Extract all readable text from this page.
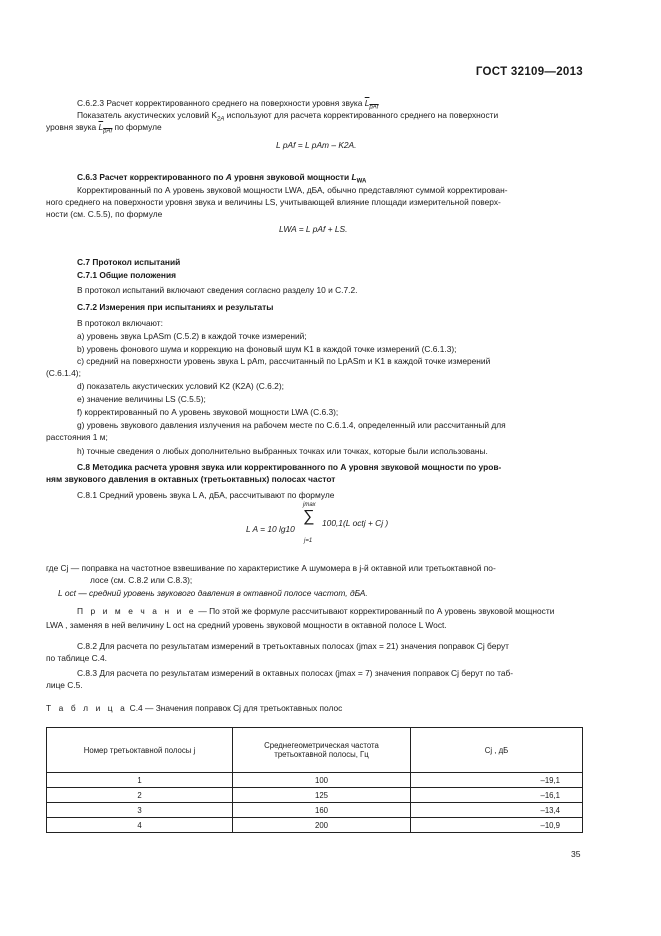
ГОСТ 32109—2013
С.6.2.3 Расчет корректированного среднего на поверхности уровня звука $L_{pAf}$
Показатель акустических условий $K_{2A}$ используют для расчета корректированного среднего на поверхности
уровня звука $L_{pAf}$ по формуле
L pAf = L pAm – K2A.
С.6.3 Расчет корректированного по А уровня звуковой мощности $L_{WA}$
Корректированный по А уровень звуковой мощности LWA, дБА, обычно представляют суммой корректирован-
ного среднего на поверхности уровня звука и величины LS, учитывающей влияние площади измерительной поверх-
ности (см. С.5.5), по формуле
LWA = L pAf + LS.
С.7 Протокол испытаний
С.7.1 Общие положения
В протокол испытаний включают сведения согласно разделу 10 и С.7.2.
С.7.2 Измерения при испытаниях и результаты
В протокол включают:
а) уровень звука LpASm (С.5.2) в каждой точке измерений;
b) уровень фонового шума и коррекцию на фоновый шум K1 в каждой точке измерений (С.6.1.3);
с) средний на поверхности уровень звука L pAm, рассчитанный по LpASm и K1 в каждой точке измерений
(С.6.1.4);
d) показатель акустических условий K2 (K2A) (С.6.2);
е) значение величины LS (С.5.5);
f) корректированный по А уровень звуковой мощности LWA (С.6.3);
g) уровень звукового давления излучения на рабочем месте по С.6.1.4, определенный или рассчитанный для
расстояния 1 м;
h) точные сведения о любых дополнительно выбранных точках или точках, которые были использованы.
С.8 Методика расчета уровня звука или корректированного по А уровня звуковой мощности по уров-
ням звукового давления в октавных (третьоктавных) полосах частот
С.8.1 Средний уровень звука L A, дБА, рассчитывают по формуле
L A = 10 lg10
jmax
∑
j=1
100,1(L octj + Cj )
где Cj — поправка на частотное взвешивание по характеристике А шумомера в j-й октавной или третьоктавной по-
лосе (см. С.8.2 или С.8.3);
L oct — средний уровень звукового давления в октавной полосе частот, дБА.
П р и м е ч а н и е — По этой же формуле рассчитывают корректированный по А уровень звуковой мощности
LWA , заменяя в ней величину L oct на средний уровень звуковой мощности в октавной полосе L Woct.
С.8.2 Для расчета по результатам измерений в третьоктавных полосах (jmax = 21) значения поправок Cj берут
по таблице С.4.
С.8.3 Для расчета по результатам измерений в октавных полосах (jmax = 7) значения поправок Cj берут по таб-
лице С.5.
Т а б л и ц а С.4 — Значения поправок Cj для третьоктавных полос
Номер третьоктавной полосы j	Среднегеометрическая частота третьоктавной полосы, Гц	Cj , дБ
1	100	–19,1
2	125	–16,1
3	160	–13,4
4	200	–10,9
35
